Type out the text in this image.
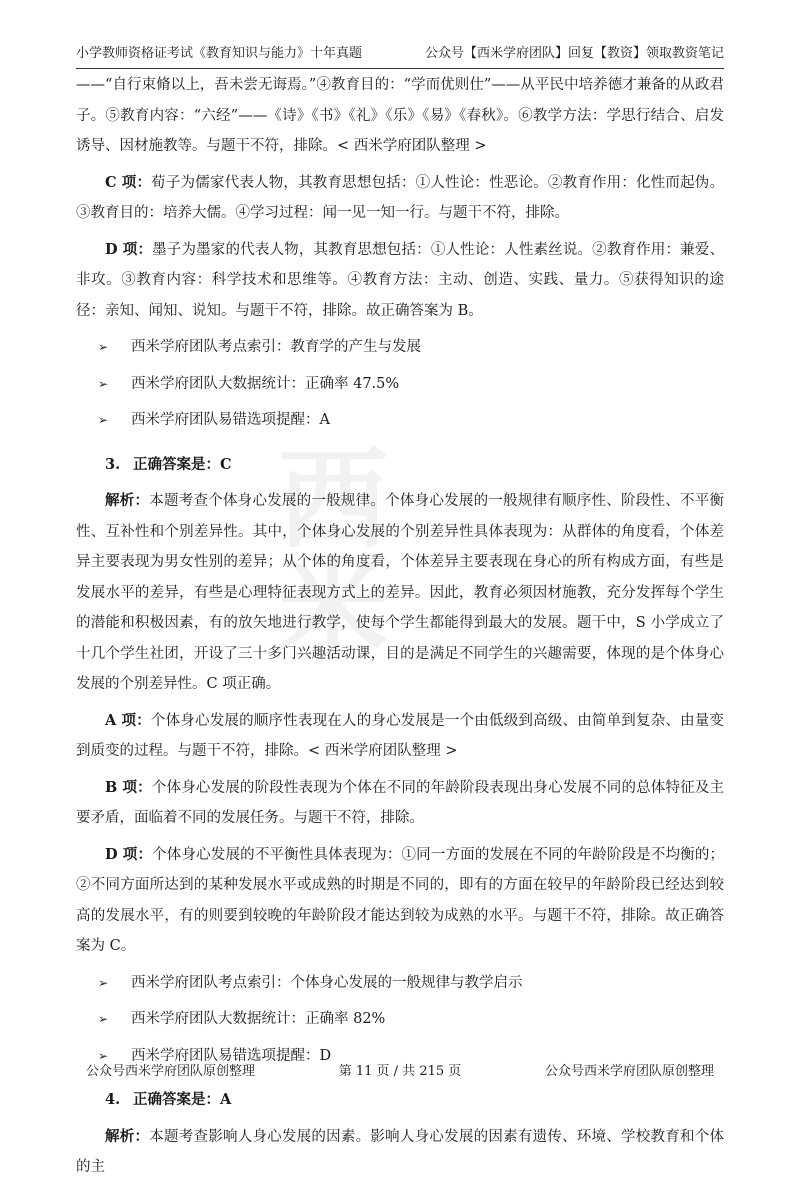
小学教师资格证考试《教育知识与能力》十年真题	公众号【西米学府团队】回复【教资】领取教资笔记
西
米

——“自行束脩以上，吾未尝无诲焉。”④教育目的：“学而优则仕”——从平民中培养德才兼备的从政君子。⑤教育内容：“六经”——《诗》《书》《礼》《乐》《易》《春秋》。⑥教学方法：学思行结合、启发诱导、因材施教等。与题干不符，排除。< 西米学府团队整理 >

C 项：荀子为儒家代表人物，其教育思想包括：①人性论：性恶论。②教育作用：化性而起伪。③教育目的：培养大儒。④学习过程：闻一见一知一行。与题干不符，排除。

D 项：墨子为墨家的代表人物，其教育思想包括：①人性论：人性素丝说。②教育作用：兼爱、非攻。③教育内容：科学技术和思维等。④教育方法：主动、创造、实践、量力。⑤获得知识的途径：亲知、闻知、说知。与题干不符，排除。故正确答案为 B。

➢ 西米学府团队考点索引：教育学的产生与发展
➢ 西米学府团队大数据统计：正确率 47.5%
➢ 西米学府团队易错选项提醒：A
3. 正确答案是：C

解析：本题考查个体身心发展的一般规律。个体身心发展的一般规律有顺序性、阶段性、不平衡性、互补性和个别差异性。其中，个体身心发展的个别差异性具体表现为：从群体的角度看，个体差异主要表现为男女性别的差异；从个体的角度看，个体差异主要表现在身心的所有构成方面，有些是发展水平的差异，有些是心理特征表现方式上的差异。因此，教育必须因材施教，充分发挥每个学生的潜能和积极因素，有的放矢地进行教学，使每个学生都能得到最大的发展。题干中，S 小学成立了十几个学生社团，开设了三十多门兴趣活动课，目的是满足不同学生的兴趣需要，体现的是个体身心发展的个别差异性。C 项正确。

A 项：个体身心发展的顺序性表现在人的身心发展是一个由低级到高级、由简单到复杂、由量变到质变的过程。与题干不符，排除。< 西米学府团队整理 >

B 项：个体身心发展的阶段性表现为个体在不同的年龄阶段表现出身心发展不同的总体特征及主要矛盾，面临着不同的发展任务。与题干不符，排除。

D 项：个体身心发展的不平衡性具体表现为：①同一方面的发展在不同的年龄阶段是不均衡的；②不同方面所达到的某种发展水平或成熟的时期是不同的，即有的方面在较早的年龄阶段已经达到较高的发展水平，有的则要到较晚的年龄阶段才能达到较为成熟的水平。与题干不符，排除。故正确答案为 C。

➢ 西米学府团队考点索引：个体身心发展的一般规律与教学启示
➢ 西米学府团队大数据统计：正确率 82%
➢ 西米学府团队易错选项提醒：D
4. 正确答案是：A

解析：本题考查影响人身心发展的因素。影响人身心发展的因素有遗传、环境、学校教育和个体的主

公众号西米学府团队原创整理	第 11 页 / 共 215 页	公众号西米学府团队原创整理
